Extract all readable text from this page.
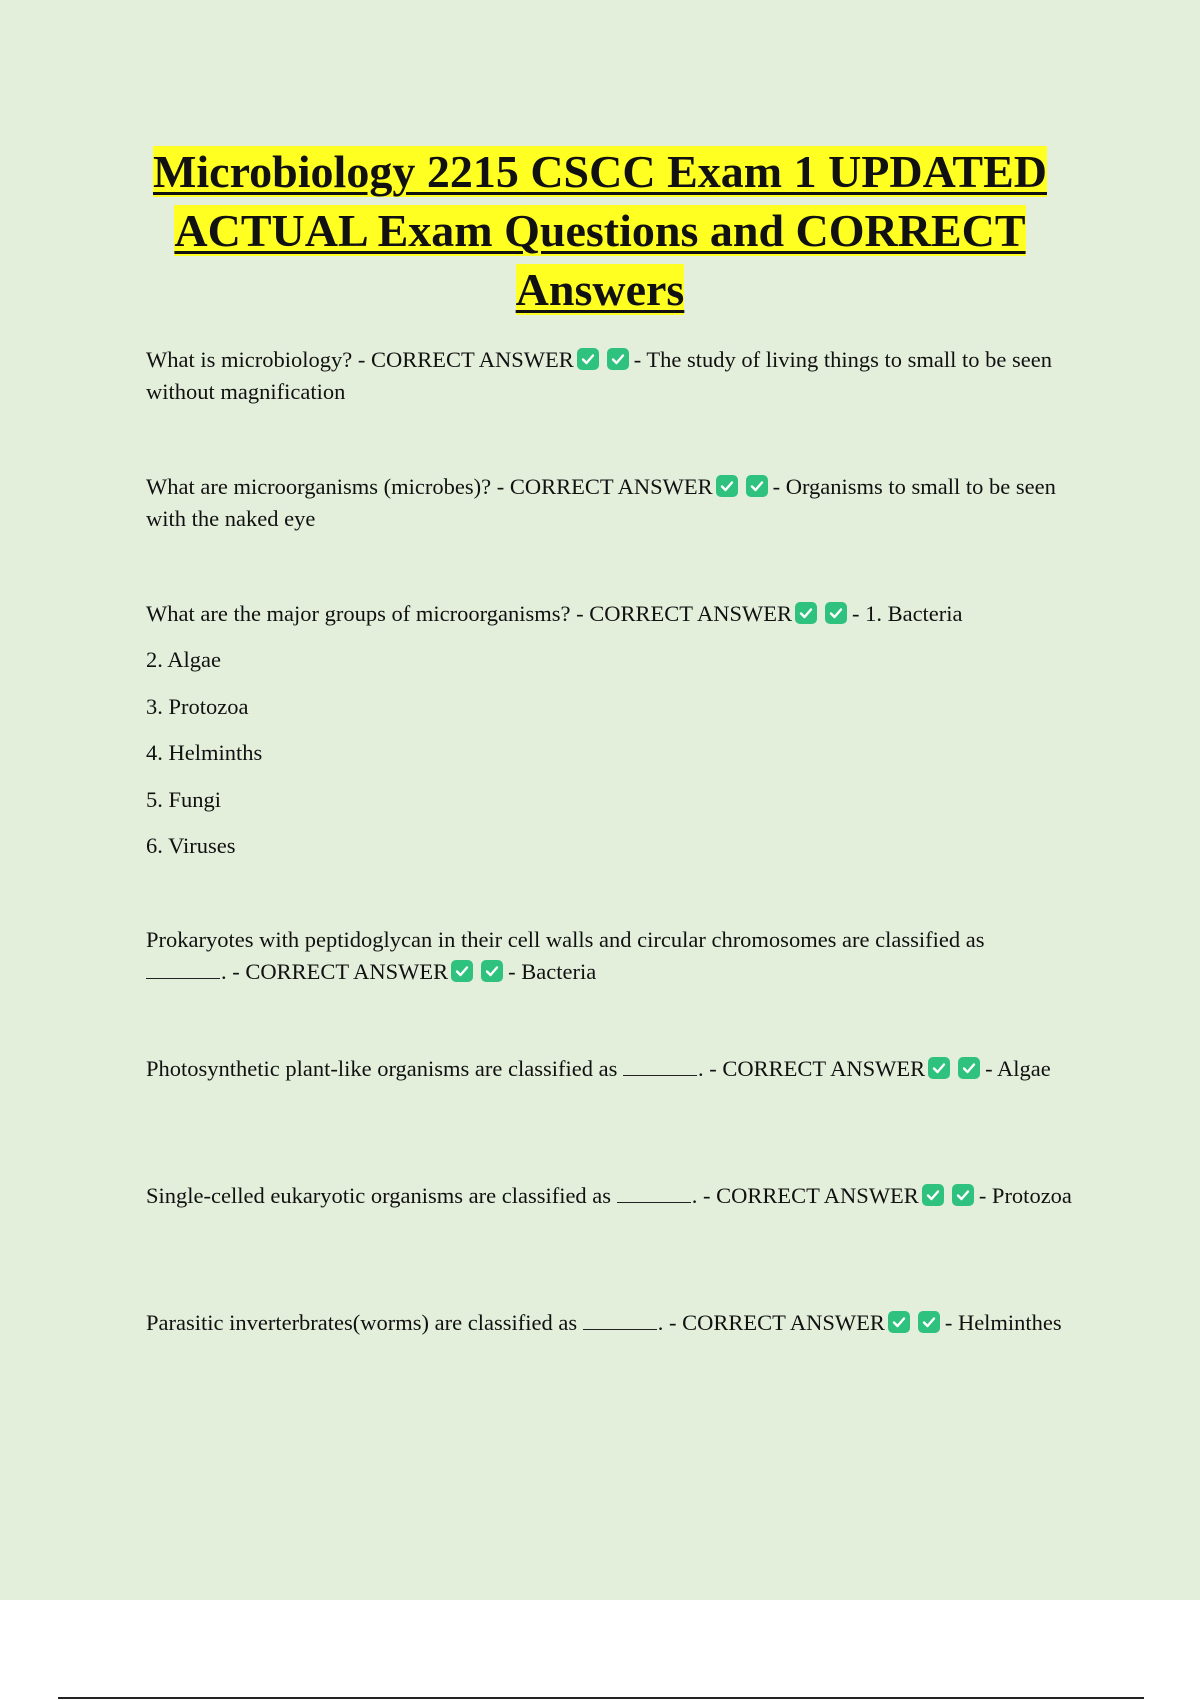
Microbiology 2215 CSCC Exam 1 UPDATED ACTUAL Exam Questions and CORRECT Answers

What is microbiology? - CORRECT ANSWER	- The study of living things to small to be seen without magnification

What are microorganisms (microbes)? - CORRECT ANSWER	- Organisms to small to be seen with the naked eye

What are the major groups of microorganisms? - CORRECT ANSWER	- 1. Bacteria

2. Algae

3. Protozoa

4. Helminths

5. Fungi

6. Viruses

Prokaryotes with peptidoglycan in their cell walls and circular chromosomes are classified as
. - CORRECT ANSWER	- Bacteria

Photosynthetic plant-like organisms are classified as	. - CORRECT ANSWER	- Algae

Single-celled eukaryotic organisms are classified as	. - CORRECT ANSWER	- Protozoa

Parasitic inverterbrates(worms) are classified as	. - CORRECT ANSWER	- Helminthes
